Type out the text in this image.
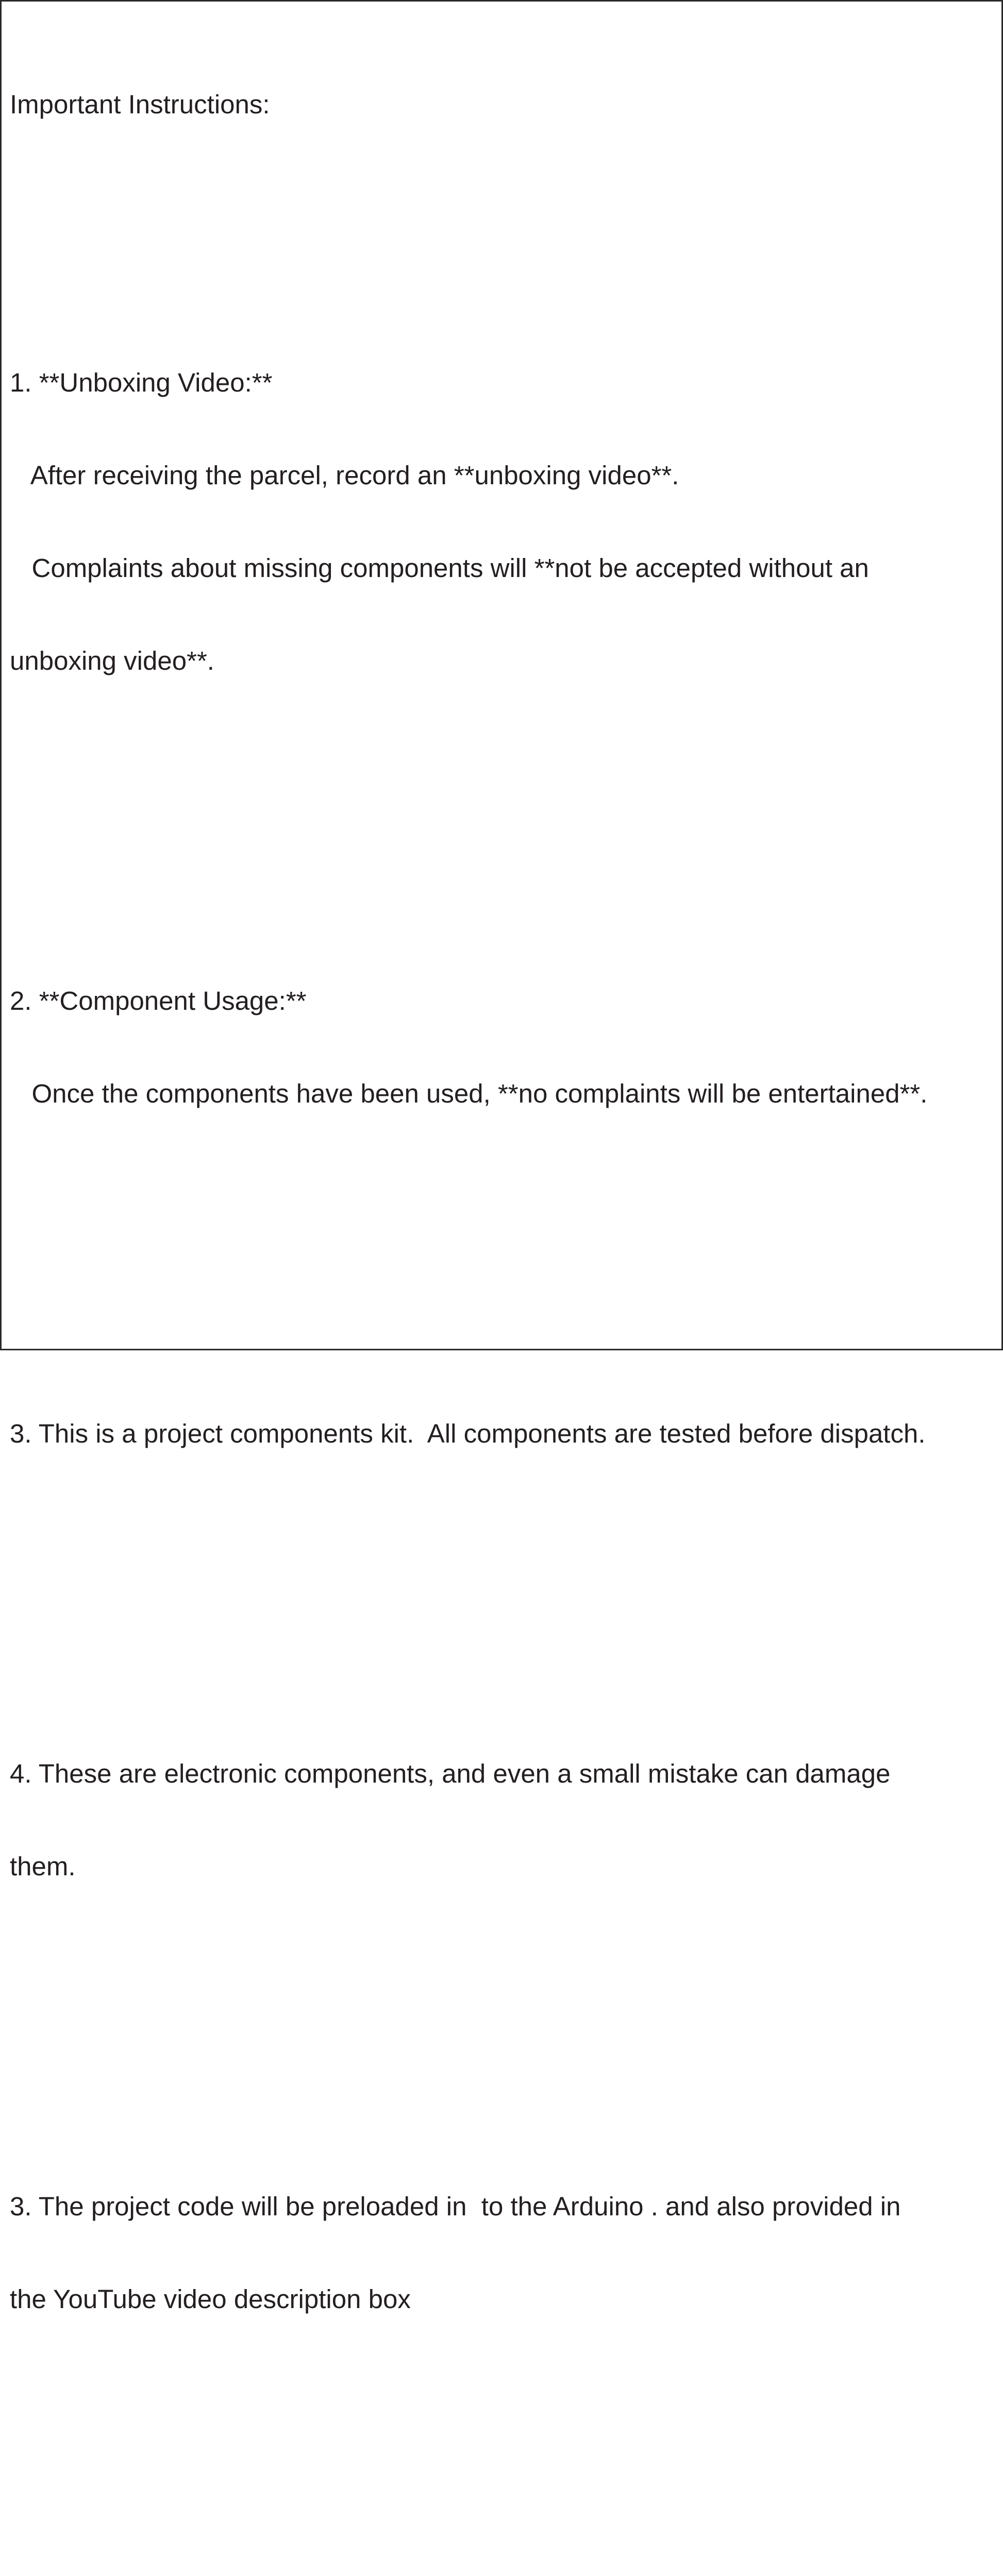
Important Instructions:

1. **Unboxing Video:**

After receiving the parcel, record an **unboxing video**.

Complaints about missing components will **not be accepted without an

unboxing video**.

2. **Component Usage:**

Once the components have been used, **no complaints will be entertained**.

3. This is a project components kit.  All components are tested before dispatch.

4. These are electronic components, and even a small mistake can damage

them.

3. The project code will be preloaded in  to the Arduino . and also provided in

the YouTube video description box
